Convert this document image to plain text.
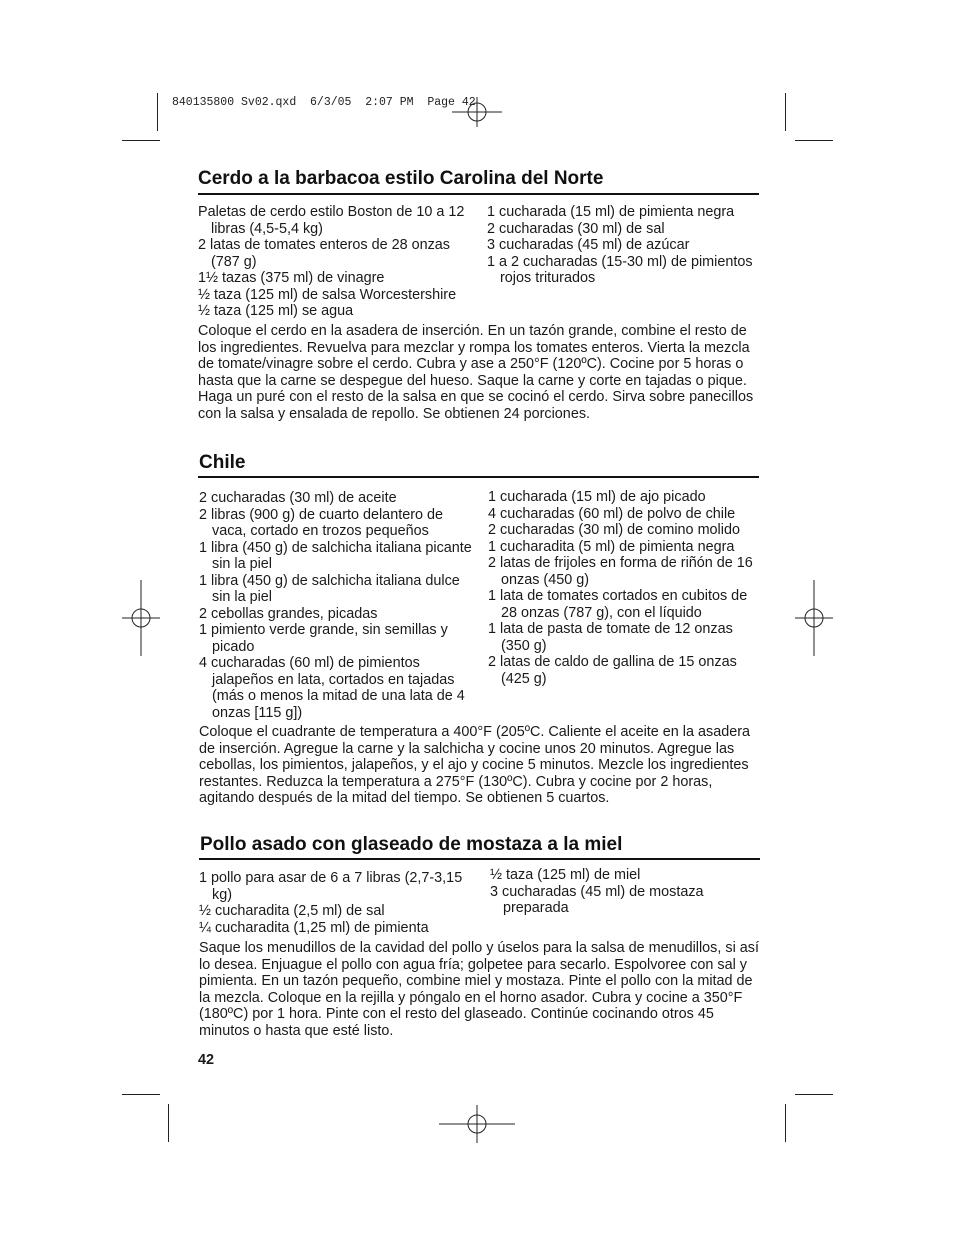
840135800 Sv02.qxd  6/3/05  2:07 PM  Page 42
Cerdo a la barbacoa estilo Carolina del Norte
Paletas de cerdo estilo Boston de 10 a 12 libras (4,5-5,4 kg)
2 latas de tomates enteros de 28 onzas (787 g)
1½ tazas (375 ml) de vinagre
½ taza (125 ml) de salsa Worcestershire
½ taza (125 ml) se agua
1 cucharada (15 ml) de pimienta negra
2 cucharadas (30 ml) de sal
3 cucharadas (45 ml) de azúcar
1 a 2 cucharadas (15-30 ml) de pimientos rojos triturados

Coloque el cerdo en la asadera de inserción. En un tazón grande, combine el resto de los ingredientes. Revuelva para mezclar y rompa los tomates enteros. Vierta la mezcla de tomate/vinagre sobre el cerdo. Cubra y ase a 250°F (120ºC). Cocine por 5 horas o hasta que la carne se despegue del hueso. Saque la carne y corte en tajadas o pique. Haga un puré con el resto de la salsa en que se cocinó el cerdo. Sirva sobre panecillos con la salsa y ensalada de repollo. Se obtienen 24 porciones.

Chile
2 cucharadas (30 ml) de aceite
2 libras (900 g) de cuarto delantero de vaca, cortado en trozos pequeños
1 libra (450 g) de salchicha italiana picante sin la piel
1 libra (450 g) de salchicha italiana dulce sin la piel
2 cebollas grandes, picadas
1 pimiento verde grande, sin semillas y picado
4 cucharadas (60 ml) de pimientos jalapeños en lata, cortados en tajadas (más o menos la mitad de una lata de 4 onzas [115 g])
1 cucharada (15 ml) de ajo picado
4 cucharadas (60 ml) de polvo de chile
2 cucharadas (30 ml) de comino molido
1 cucharadita (5 ml) de pimienta negra
2 latas de frijoles en forma de riñón de 16 onzas (450 g)
1 lata de tomates cortados en cubitos de 28 onzas (787 g), con el líquido
1 lata de pasta de tomate de 12 onzas (350 g)
2 latas de caldo de gallina de 15 onzas (425 g)

Coloque el cuadrante de temperatura a 400°F (205ºC. Caliente el aceite en la asadera de inserción. Agregue la carne y la salchicha y cocine unos 20 minutos. Agregue las cebollas, los pimientos, jalapeños, y el ajo y cocine 5 minutos. Mezcle los ingredientes restantes. Reduzca la temperatura a 275°F (130ºC). Cubra y cocine por 2 horas, agitando después de la mitad del tiempo. Se obtienen 5 cuartos.

Pollo asado con glaseado de mostaza a la miel
1 pollo para asar de 6 a 7 libras (2,7-3,15 kg)
½ cucharadita (2,5 ml) de sal
¼ cucharadita (1,25 ml) de pimienta
½ taza (125 ml) de miel
3 cucharadas (45 ml) de mostaza preparada

Saque los menudillos de la cavidad del pollo y úselos para la salsa de menudillos, si así lo desea. Enjuague el pollo con agua fría; golpetee para secarlo. Espolvoree con sal y pimienta. En un tazón pequeño, combine miel y mostaza. Pinte el pollo con la mitad de la mezcla. Coloque en la rejilla y póngalo en el horno asador. Cubra y cocine a 350°F (180ºC) por 1 hora. Pinte con el resto del glaseado. Continúe cocinando otros 45 minutos o hasta que esté listo.

42
